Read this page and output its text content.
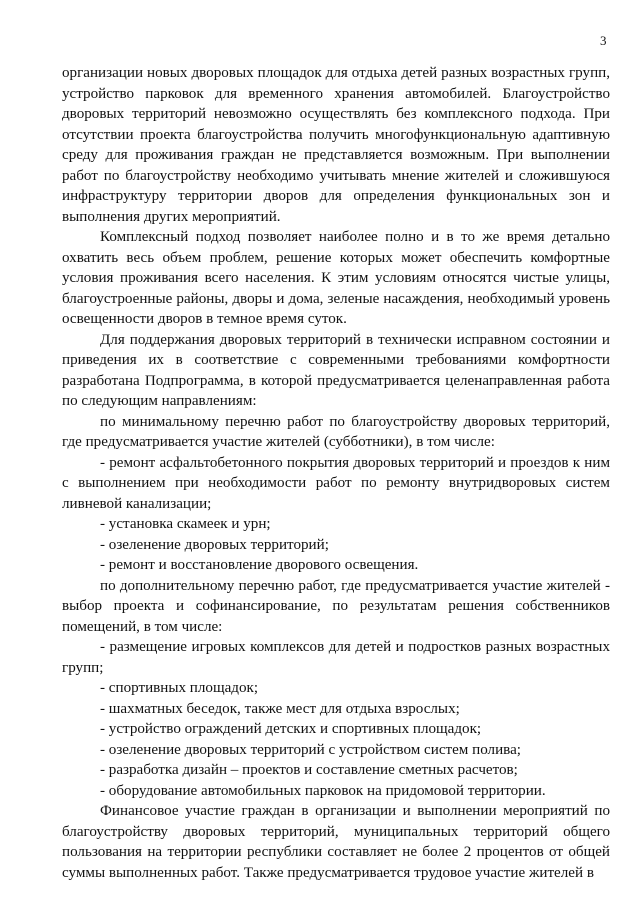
3

организации новых дворовых площадок для отдыха детей разных возрастных групп, устройство парковок для временного хранения автомобилей. Благоустройство дворовых территорий невозможно осуществлять без комплексного подхода. При отсутствии проекта благоустройства получить многофункциональную адаптивную среду для проживания граждан не представляется возможным. При выполнении работ по благоустройству необходимо учитывать мнение жителей и сложившуюся инфраструктуру территории дворов для определения функциональных зон и выполнения других мероприятий.

Комплексный подход позволяет наиболее полно и в то же время детально охватить весь объем проблем, решение которых может обеспечить комфортные условия проживания всего населения. К этим условиям относятся чистые улицы, благоустроенные районы, дворы и дома, зеленые насаждения, необходимый уровень освещенности дворов в темное время суток.

Для поддержания дворовых территорий в технически исправном состоянии и приведения их в соответствие с современными требованиями комфортности разработана Подпрограмма, в которой предусматривается целенаправленная работа по следующим направлениям:

по минимальному перечню работ по благоустройству дворовых территорий, где предусматривается участие жителей (субботники), в том числе:

- ремонт асфальтобетонного покрытия дворовых территорий и проездов к ним с выполнением при необходимости работ по ремонту внутридворовых систем ливневой канализации;

- установка скамеек и урн;

- озеленение дворовых территорий;

- ремонт и восстановление дворового освещения.

по дополнительному перечню работ, где предусматривается участие жителей - выбор проекта и софинансирование, по результатам решения собственников помещений, в том числе:

- размещение игровых комплексов для детей и подростков разных возрастных групп;

- спортивных площадок;

- шахматных беседок, также мест для отдыха взрослых;

- устройство ограждений детских и спортивных площадок;

- озеленение дворовых территорий с устройством систем полива;

- разработка дизайн – проектов и составление сметных расчетов;

- оборудование автомобильных парковок на придомовой территории.

Финансовое участие граждан в организации и выполнении мероприятий по благоустройству дворовых территорий, муниципальных территорий общего пользования на территории республики составляет не более 2 процентов от общей суммы выполненных работ. Также предусматривается трудовое участие жителей в
